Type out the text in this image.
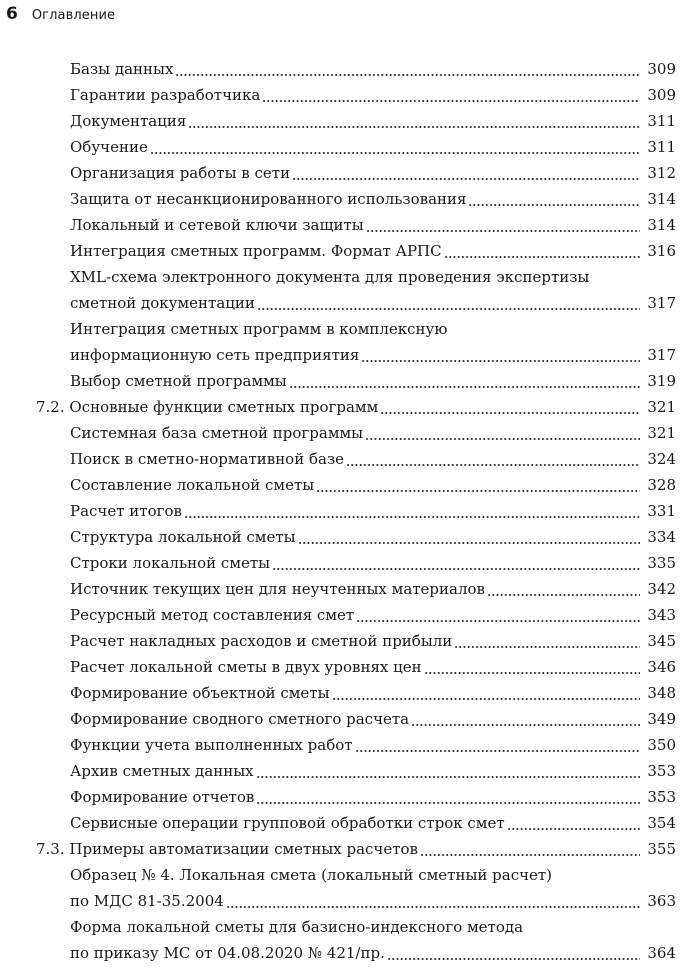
6 Оглавление
Базы данных	309
Гарантии разработчика	309
Документация	311
Обучение	311
Организация работы в сети	312
Защита от несанкционированного использования	314
Локальный и сетевой ключи защиты	314
Интеграция сметных программ. Формат АРПС	316
XML-схема электронного документа для проведения экспертизы
сметной документации	317
Интеграция сметных программ в комплексную
информационную сеть предприятия	317
Выбор сметной программы	319
7.2. Основные функции сметных программ	321
Системная база сметной программы	321
Поиск в сметно-нормативной базе	324
Составление локальной сметы	328
Расчет итогов	331
Структура локальной сметы	334
Строки локальной сметы	335
Источник текущих цен для неучтенных материалов	342
Ресурсный метод составления смет	343
Расчет накладных расходов и сметной прибыли	345
Расчет локальной сметы в двух уровнях цен	346
Формирование объектной сметы	348
Формирование сводного сметного расчета	349
Функции учета выполненных работ	350
Архив сметных данных	353
Формирование отчетов	353
Сервисные операции групповой обработки строк смет	354
7.3. Примеры автоматизации сметных расчетов	355
Образец № 4. Локальная смета (локальный сметный расчет)
по МДС 81-35.2004	363
Форма локальной сметы для базисно-индексного метода
по приказу МС от 04.08.2020 № 421/пр.	364
